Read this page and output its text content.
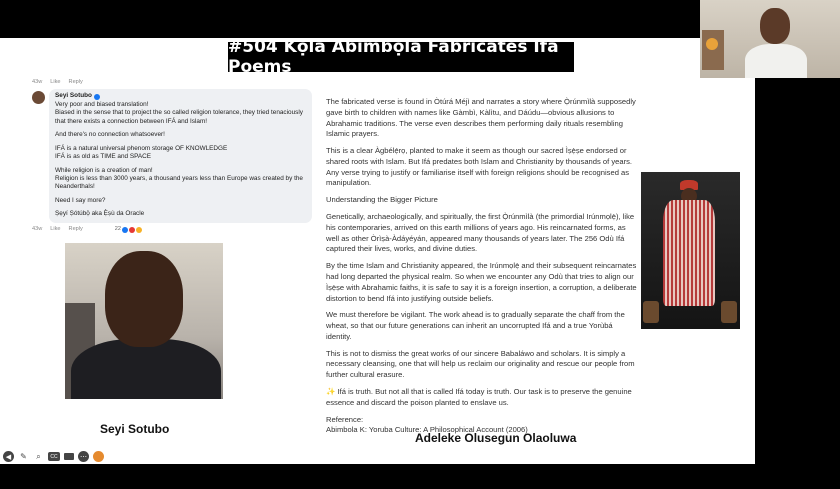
#504 Kọ́lá Abímbọ́lá Fabricates Ifá Poems
43w Like Reply
Seyi Sotubo
Very poor and biased translation!
Biased in the sense that to project the so called religion tolerance, they tried tenaciously that there exists a connection between IFÁ and Islam!
And there's no connection whatsoever!
IFÁ is a natural universal phenom storage OF KNOWLEDGE
IFÁ is as old as TIME and SPACE
While religion is a creation of man!
Religion is less than 3000 years, a thousand years less than Europe was created by the Neanderthals!
Need I say more?
Ṣẹyí Ṣótúbọ̀ aka Ẹ̀ṣù da Oracle
43w Like Reply	22
Seyi Sotubo

The fabricated verse is found in Òtúrá Méjì and narrates a story where Ọ̀rúnmìlà supposedly gave birth to children with names like Gàmbì, Kàlìtu, and Dáúdu—obvious allusions to Abrahamic traditions. The verse even describes them performing daily rituals resembling Islamic prayers.

This is a clear Àgbélẹ́rọ, planted to make it seem as though our sacred Ìṣẹ̀ṣe endorsed or shared roots with Islam. But Ifá predates both Islam and Christianity by thousands of years. Any verse trying to justify or familiarise itself with foreign religions should be recognised as manipulation.

Understanding the Bigger Picture

Genetically, archaeologically, and spiritually, the first Ọ̀rúnmìlà (the primordial Irúnmọlẹ̀), like his contemporaries, arrived on this earth millions of years ago. His reincarnated forms, as well as other Òrìṣà-Àdáyéyán, appeared many thousands of years later. The 256 Odù Ifá captured their lives, works, and divine duties.

By the time Islam and Christianity appeared, the Irúnmọlẹ̀ and their subsequent reincarnates had long departed the physical realm. So when we encounter any Odù that tries to align our Ìṣẹ̀ṣe with Abrahamic faiths, it is safe to say it is a foreign insertion, a corruption, a deliberate distortion to bend Ifá into justifying outside beliefs.

We must therefore be vigilant. The work ahead is to gradually separate the chaff from the wheat, so that our future generations can inherit an uncorrupted Ifá and a true Yorùbá identity.

This is not to dismiss the great works of our sincere Babaláwo and scholars. It is simply a necessary cleansing, one that will help us reclaim our originality and rescue our people from further cultural erasure.

✨ Ifá is truth. But not all that is called Ifá today is truth. Our task is to preserve the genuine essence and discard the poison planted to enslave us.

Reference:
Abimbola K: Yoruba Culture: A Philosophical Account (2006)
Adeleke Olusegun Olaoluwa
◀	✎	⌕	CC	⋯
